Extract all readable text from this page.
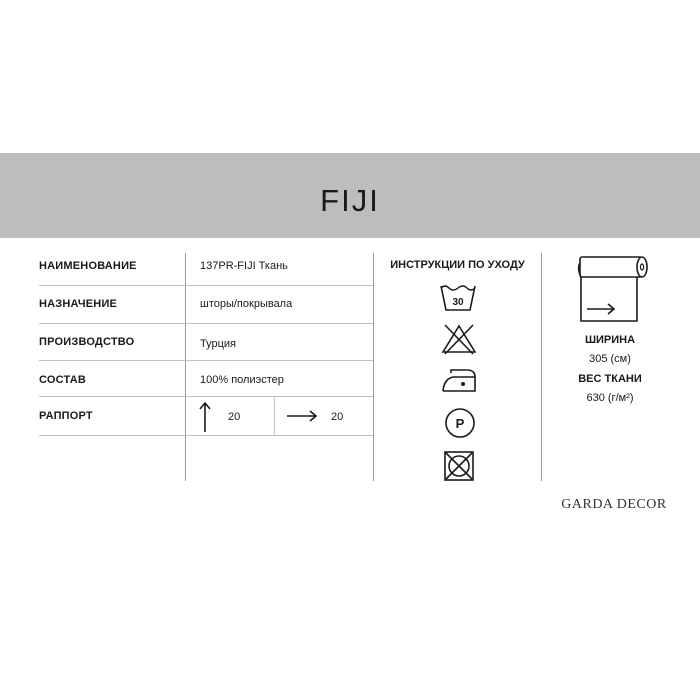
FIJI
НАИМЕНОВАНИЕ	137PR-FIJI Ткань
НАЗНАЧЕНИЕ	шторы/покрывала
ПРОИЗВОДСТВО	Турция
СОСТАВ	100% полиэстер
РАППОРТ	20	20
ИНСТРУКЦИИ ПО УХОДУ
30
P
ШИРИНА
305 (см)
ВЕС ТКАНИ
630 (г/м²)
GARDA DECOR
